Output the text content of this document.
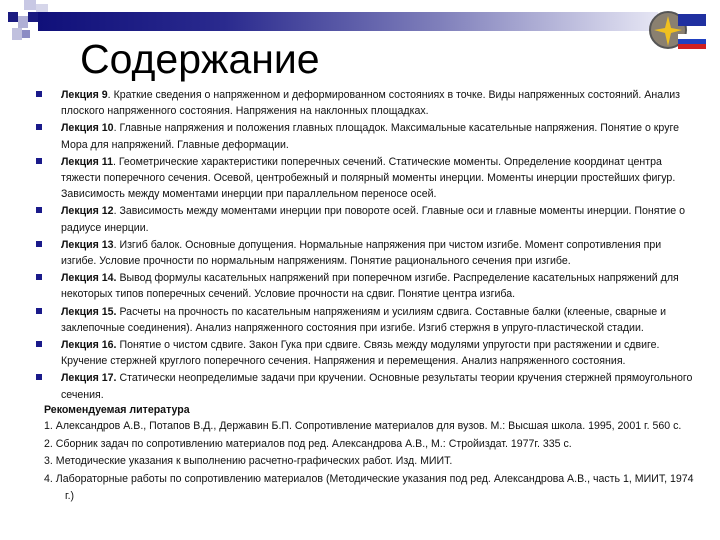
Содержание
Лекция 9. Краткие сведения о напряженном и деформированном состояниях в точке. Виды напряженных состояний. Анализ плоского напряженного состояния. Напряжения на наклонных площадках.
Лекция 10. Главные напряжения и положения главных площадок. Максимальные касательные напряжения. Понятие о круге Мора для напряжений. Главные деформации.
Лекция 11. Геометрические характеристики поперечных сечений. Статические моменты. Определение координат центра тяжести поперечного сечения. Осевой, центробежный и полярный моменты инерции. Моменты инерции простейших фигур. Зависимость между моментами инерции при параллельном переносе осей.
Лекция 12. Зависимость между моментами инерции при повороте осей. Главные оси и главные моменты инерции. Понятие о радиусе инерции.
Лекция 13. Изгиб балок. Основные допущения. Нормальные напряжения при чистом изгибе. Момент сопротивления при изгибе. Условие прочности по нормальным напряжениям. Понятие рационального сечения при изгибе.
Лекция 14. Вывод формулы касательных напряжений при поперечном изгибе. Распределение касательных напряжений для некоторых типов поперечных сечений. Условие прочности на сдвиг. Понятие центра изгиба.
Лекция 15. Расчеты на прочность по касательным напряжениям и усилиям сдвига. Составные балки (клееные, сварные и заклепочные соединения). Анализ напряженного состояния при изгибе. Изгиб стержня в упруго-пластической стадии.
Лекция 16. Понятие о чистом сдвиге. Закон Гука при сдвиге. Связь между модулями упругости при растяжении и сдвиге. Кручение стержней круглого поперечного сечения. Напряжения и перемещения. Анализ напряженного состояния.
Лекция 17. Статически неопределимые задачи при кручении. Основные результаты теории кручения стержней прямоугольного сечения.
Рекомендуемая литература
1. Александров А.В., Потапов В.Д., Державин Б.П. Сопротивление материалов для вузов. М.: Высшая школа. 1995, 2001 г. 560 с.
2. Сборник задач по сопротивлению материалов под ред. Александрова А.В., М.: Стройиздат. 1977г. 335 с.
3. Методические указания к выполнению расчетно-графических работ. Изд. МИИТ.
4. Лабораторные работы по сопротивлению материалов (Методические указания под ред. Александрова А.В., часть 1, МИИТ, 1974 г.)
